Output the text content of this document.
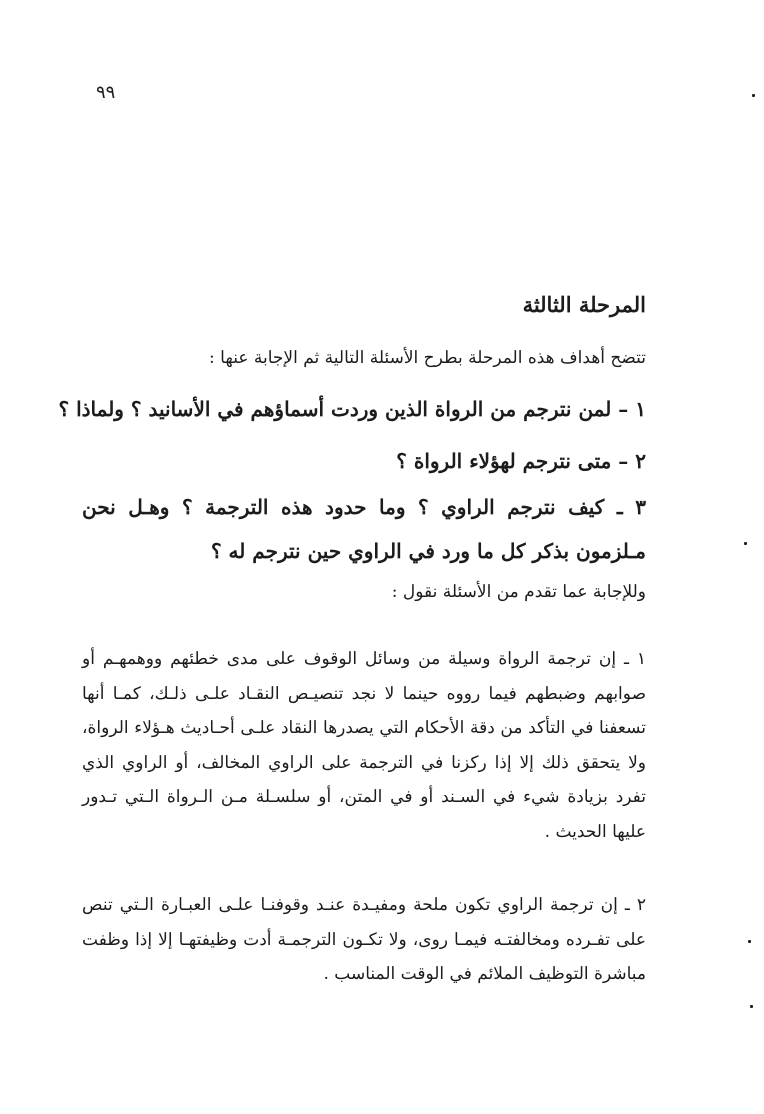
٩٩
المرحلة الثالثة
تتضح أهداف هذه المرحلة بطرح الأسئلة التالية ثم الإجابة عنها :
١ – لمن نترجم من الرواة الذين وردت أسماؤهم في الأسانيد ؟ ولماذا ؟
٢ – متى نترجم لهؤلاء الرواة ؟
٣ ـ كيف نترجم الراوي ؟ وما حدود هذه الترجمة ؟ وهـل نحن مـلزمون بذكر كل ما ورد في الراوي حين نترجم له ؟
وللإجابة عما تقدم من الأسئلة نقول :

١ ـ إن ترجمة الرواة وسيلة من وسائل الوقوف على مدى خطئهم ووهمهـم أو صوابهم وضبطهم فيما رووه حينما لا نجد تنصيـص النقـاد علـى ذلـك، كمـا أنها تسعفنا في التأكد من دقة الأحكام التي يصدرها النقاد علـى أحـاديث هـؤلاء الرواة، ولا يتحقق ذلك إلا إذا ركزنا في الترجمة على الراوي المخالف، أو الراوي الذي تفرد بزيادة شيء في السـند أو في المتن، أو سلسـلة مـن الـرواة الـتي تـدور عليها الحديث .

٢ ـ إن ترجمة الراوي تكون ملحة ومفيـدة عنـد وقوفنـا علـى العبـارة الـتي تنص على تفـرده ومخالفتـه فيمـا روى، ولا تكـون الترجمـة أدت وظيفتهـا إلا إذا وظفت مباشرة التوظيف الملائم في الوقت المناسب .
